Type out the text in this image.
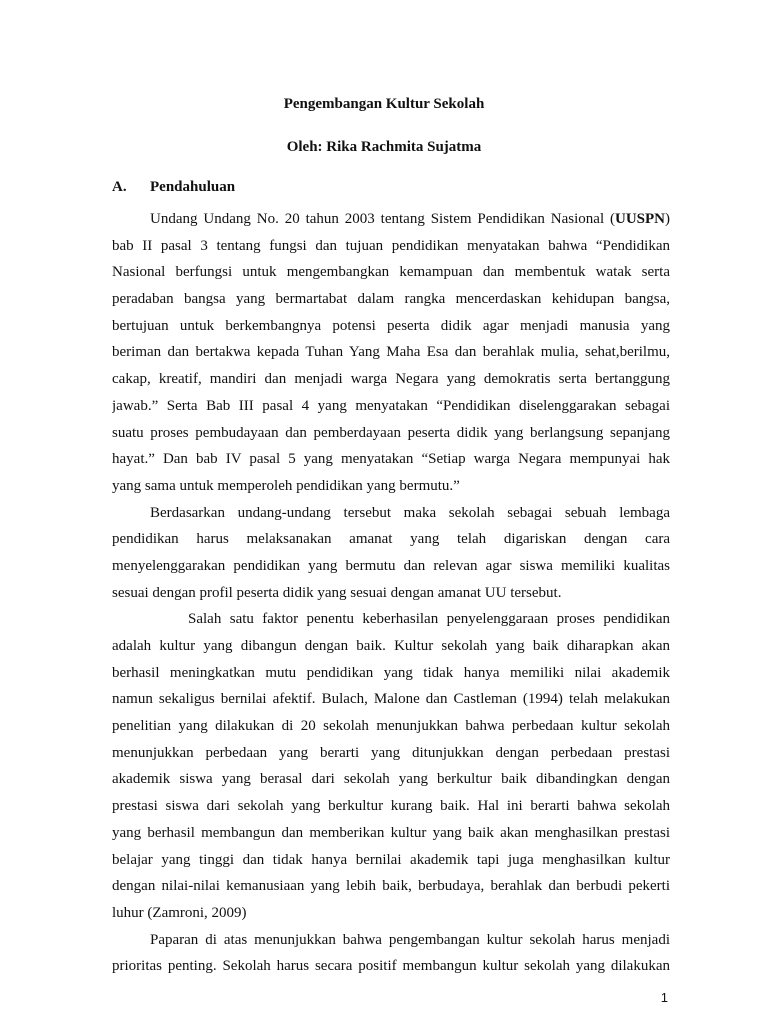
Pengembangan Kultur Sekolah
Oleh: Rika Rachmita Sujatma
A. Pendahuluan
Undang Undang No. 20 tahun 2003 tentang Sistem Pendidikan Nasional (UUSPN)
bab II pasal 3 tentang fungsi dan tujuan pendidikan menyatakan bahwa “Pendidikan
Nasional berfungsi untuk mengembangkan kemampuan dan membentuk watak serta
peradaban bangsa yang bermartabat dalam rangka mencerdaskan kehidupan bangsa,
bertujuan untuk berkembangnya potensi peserta didik agar menjadi manusia yang
beriman dan bertakwa kepada Tuhan Yang Maha Esa dan berahlak mulia, sehat,berilmu,
cakap, kreatif, mandiri dan menjadi warga Negara yang demokratis serta bertanggung
jawab.” Serta Bab III pasal 4 yang menyatakan “Pendidikan diselenggarakan sebagai
suatu proses pembudayaan dan pemberdayaan peserta didik yang berlangsung sepanjang
hayat.” Dan bab IV pasal 5 yang menyatakan “Setiap warga Negara mempunyai hak
yang sama untuk memperoleh pendidikan yang bermutu.”
Berdasarkan undang-undang tersebut maka sekolah sebagai sebuah lembaga
pendidikan harus melaksanakan amanat yang telah digariskan dengan cara
menyelenggarakan pendidikan yang bermutu dan relevan agar siswa memiliki kualitas
sesuai dengan profil peserta didik yang sesuai dengan amanat UU tersebut.
Salah satu faktor penentu keberhasilan penyelenggaraan proses pendidikan
adalah kultur yang dibangun dengan baik. Kultur sekolah yang baik diharapkan akan
berhasil meningkatkan mutu pendidikan yang tidak hanya memiliki nilai akademik
namun sekaligus bernilai afektif. Bulach, Malone dan Castleman (1994) telah melakukan
penelitian yang dilakukan di 20 sekolah menunjukkan bahwa perbedaan kultur sekolah
menunjukkan perbedaan yang berarti yang ditunjukkan dengan perbedaan prestasi
akademik siswa yang berasal dari sekolah yang berkultur baik dibandingkan dengan
prestasi siswa dari sekolah yang berkultur kurang baik. Hal ini berarti bahwa sekolah
yang berhasil membangun dan memberikan kultur yang baik akan menghasilkan prestasi
belajar yang tinggi dan tidak hanya bernilai akademik tapi juga menghasilkan kultur
dengan nilai-nilai kemanusiaan yang lebih baik, berbudaya, berahlak dan berbudi pekerti
luhur (Zamroni, 2009)
Paparan di atas menunjukkan bahwa pengembangan kultur sekolah harus menjadi
prioritas penting. Sekolah harus secara positif membangun kultur sekolah yang dilakukan
1
